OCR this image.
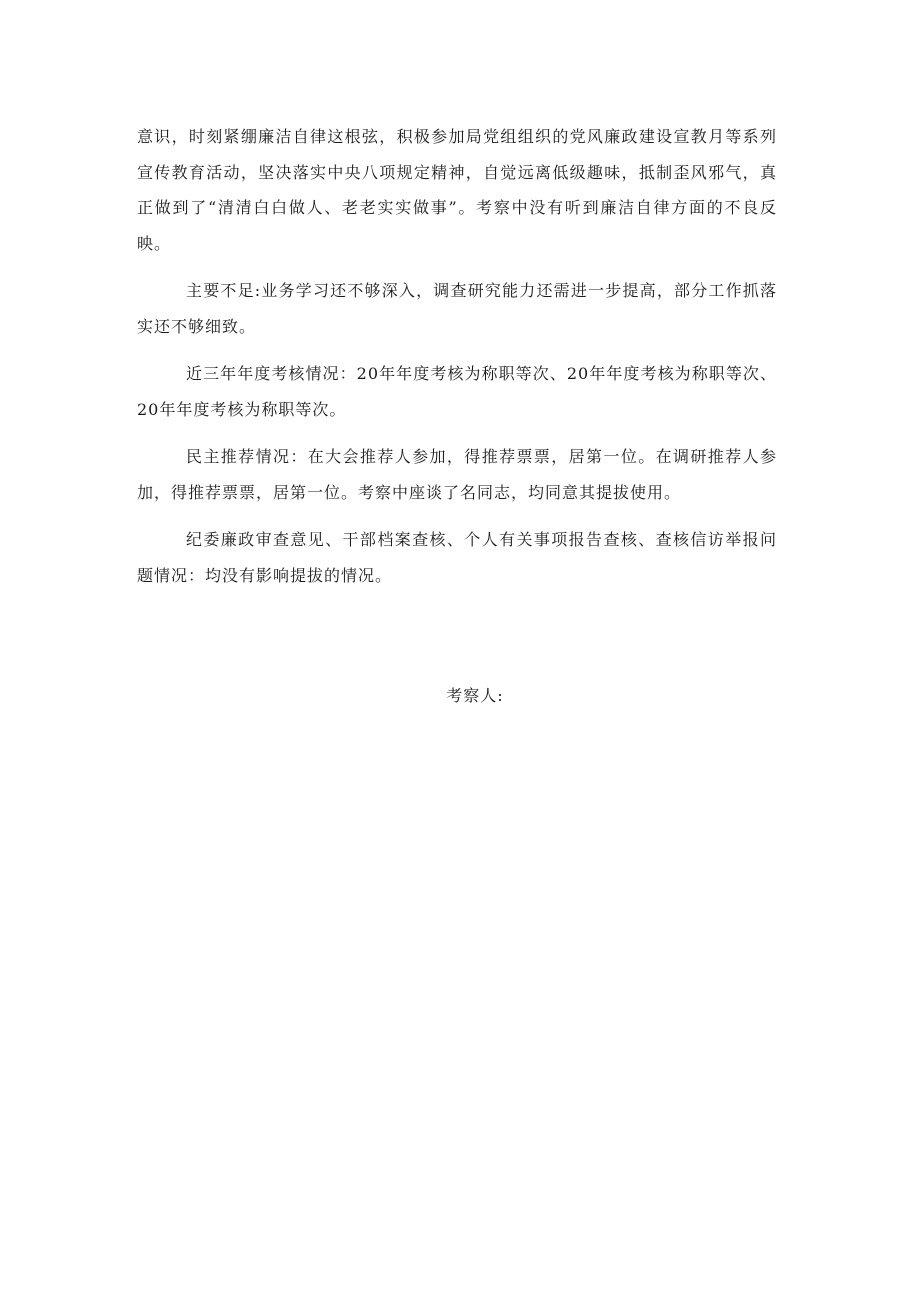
意识，时刻紧绷廉洁自律这根弦，积极参加局党组组织的党风廉政建设宣教月等系列宣传教育活动，坚决落实中央八项规定精神，自觉远离低级趣味，抵制歪风邪气，真正做到了“清清白白做人、老老实实做事”。考察中没有听到廉洁自律方面的不良反映。

主要不足:业务学习还不够深入，调查研究能力还需进一步提高，部分工作抓落实还不够细致。

近三年年度考核情况：20年年度考核为称职等次、20年年度考核为称职等次、20年年度考核为称职等次。

民主推荐情况：在大会推荐人参加，得推荐票票，居第一位。在调研推荐人参加，得推荐票票，居第一位。考察中座谈了名同志，均同意其提拔使用。

纪委廉政审查意见、干部档案查核、个人有关事项报告查核、查核信访举报问题情况：均没有影响提拔的情况。

考察人:
